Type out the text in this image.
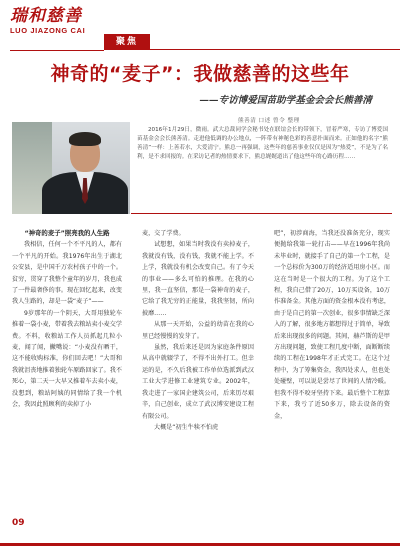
瑞和慈善
LUO JIAZONG CAI
聚焦
神奇的“麦子”：我做慈善的这些年
——专访博爱国苗助学基金会会长熊善清
熊善清 口述 曾令 整理
2016年1月29日，微雨。武大总裁同学会秘书处在联谊会长的带领下，冒着严寒，专访了博爱国苗基金会会长熊善清。走进他低调的办公地点，一阵带有神秘色彩的善意扑面而来。正如他的名字“熊善清”一样：上善若水，大爱清宁。熊总一再强调，这些年的慈善事业仅仅是因为“热爱”，不是为了名利，是不求回报的。在采访记者的热情要求下，熊总娓娓道出了他这些年的心路历程……
“神奇的麦子”照亮我的人生路

我相信，任何一个不平凡的人，都有一个平凡的开始。我1976年出生于湖北公安县，是中国千万农村孩子中的一个。贫穷，贯穿了我整个童年的岁月，我也成了一件最奢侈的事。现在回忆起来，改变我人生路的，却是一袋“麦子”——

9岁那年的一个阴天，大哥用独轮车推着一袋小麦，带着我去粮站卖小麦交学费。不料，收粮站工作人员抓起几粒小麦，闻了闻，撇嘴说：“小麦没有晒干，这不能收购标准，你们回去吧！”大哥和我就沮丧地推着独轮车原路回家了。我不死心，第二天一大早又推着车去卖小麦，没想到，粮站阿姨的同情给了我一个机会，我因此照顾利的卖掉了小

麦，交了学费。

试想想，如果当时我没有卖掉麦子，我就没有钱，没有钱，我就不能上学。不上学，我就没有机会改变自己。有了今天的事业——多么可怕的推理。在我的心里，我一直坚信，那是一袋神奇的麦子，它给了我无穷的正能量，我我坚韧，所向披靡……

从那一天开始，公益的幼苗在我的心里已经慢慢的发芽了。

虽然，我后来还是因为家庭条件原因从高中就辍学了，不得不出外打工。但幸运的是，不久后我被工作单位选派到武汉工业大学进修工业建筑专业。2002年，我走进了一家国企建筑公司，后来历尽艰辛，自己创业，成立了武汉博安建设工程有限公司。

大概是“初生牛犊不怕虎

吧”，初涉商海，当我还没准备充分，现实便抛给我第一轮打击——早在1996年我尚未毕业时，就接手了自己的第一个工程，是一个总标价为300万的经济适用房小区。而这在当时是一个很大的工程。为了这个工程，我自己借了20万，10万买设备，10万作准备金。其他方面的资金根本没有考虑，由于是自己的第一次创业，很多事情缺乏深入的了解，很多地方都想得过于简单，导致后来出现很多的问题。其间，赫芦斯的是甲方出现问题，致使工程几度中断，面断断续续的工程在1998年才正式完工。在这个过程中，为了筹集资金，我四处求人，但也处处碰壁，可以说是尝尽了世间的人情冷暖。但我不得不咬牙坚持下来。最后整个工程算下来，我亏了近50多万，除去设备的资金，

09
